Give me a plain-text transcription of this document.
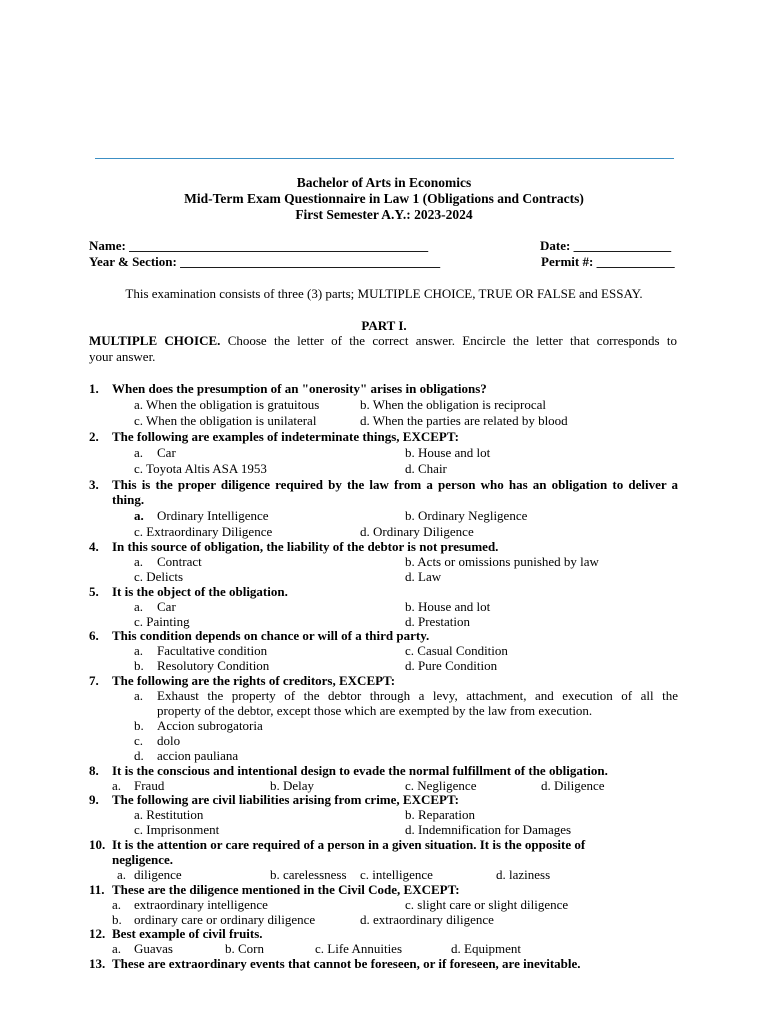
Bachelor of Arts in Economics
Mid-Term Exam Questionnaire in Law 1 (Obligations and Contracts)
First Semester A.Y.: 2023-2024
Name: ______________________________________________	Date: _______________
Year & Section: ________________________________________	Permit #: ____________
This examination consists of three (3) parts; MULTIPLE CHOICE, TRUE OR FALSE and ESSAY.
PART I.
MULTIPLE CHOICE. Choose the letter of the correct answer. Encircle the letter that corresponds to
your answer.
1. When does the presumption of an "onerosity" arises in obligations?
a. When the obligation is gratuitous	b. When the obligation is reciprocal
c. When the obligation is unilateral	d. When the parties are related by blood
2. The following are examples of indeterminate things, EXCEPT:
a. Car	b. House and lot
c. Toyota Altis ASA 1953	d. Chair
3. This is the proper diligence required by the law from a person who has an obligation to deliver a
thing.
a. Ordinary Intelligence	b. Ordinary Negligence
c. Extraordinary Diligence	d. Ordinary Diligence
4. In this source of obligation, the liability of the debtor is not presumed.
a. Contract	b. Acts or omissions punished by law
c. Delicts	d. Law
5. It is the object of the obligation.
a. Car	b. House and lot
c. Painting	d. Prestation
6. This condition depends on chance or will of a third party.
a. Facultative condition	c. Casual Condition
b. Resolutory Condition	d. Pure Condition
7. The following are the rights of creditors, EXCEPT:
a. Exhaust the property of the debtor through a levy, attachment, and execution of all the
property of the debtor, except those which are exempted by the law from execution.
b. Accion subrogatoria
c. dolo
d. accion pauliana
8. It is the conscious and intentional design to evade the normal fulfillment of the obligation.
a. Fraud	b. Delay	c. Negligence	d. Diligence
9. The following are civil liabilities arising from crime, EXCEPT:
a. Restitution	b. Reparation
c. Imprisonment	d. Indemnification for Damages
10. It is the attention or care required of a person in a given situation. It is the opposite of
negligence.
a. diligence	b. carelessness c. intelligence	d. laziness
11. These are the diligence mentioned in the Civil Code, EXCEPT:
a. extraordinary intelligence	c. slight care or slight diligence
b. ordinary care or ordinary diligence	d. extraordinary diligence
12. Best example of civil fruits.
a. Guavas	b. Corn	c. Life Annuities	d. Equipment
13. These are extraordinary events that cannot be foreseen, or if foreseen, are inevitable.
